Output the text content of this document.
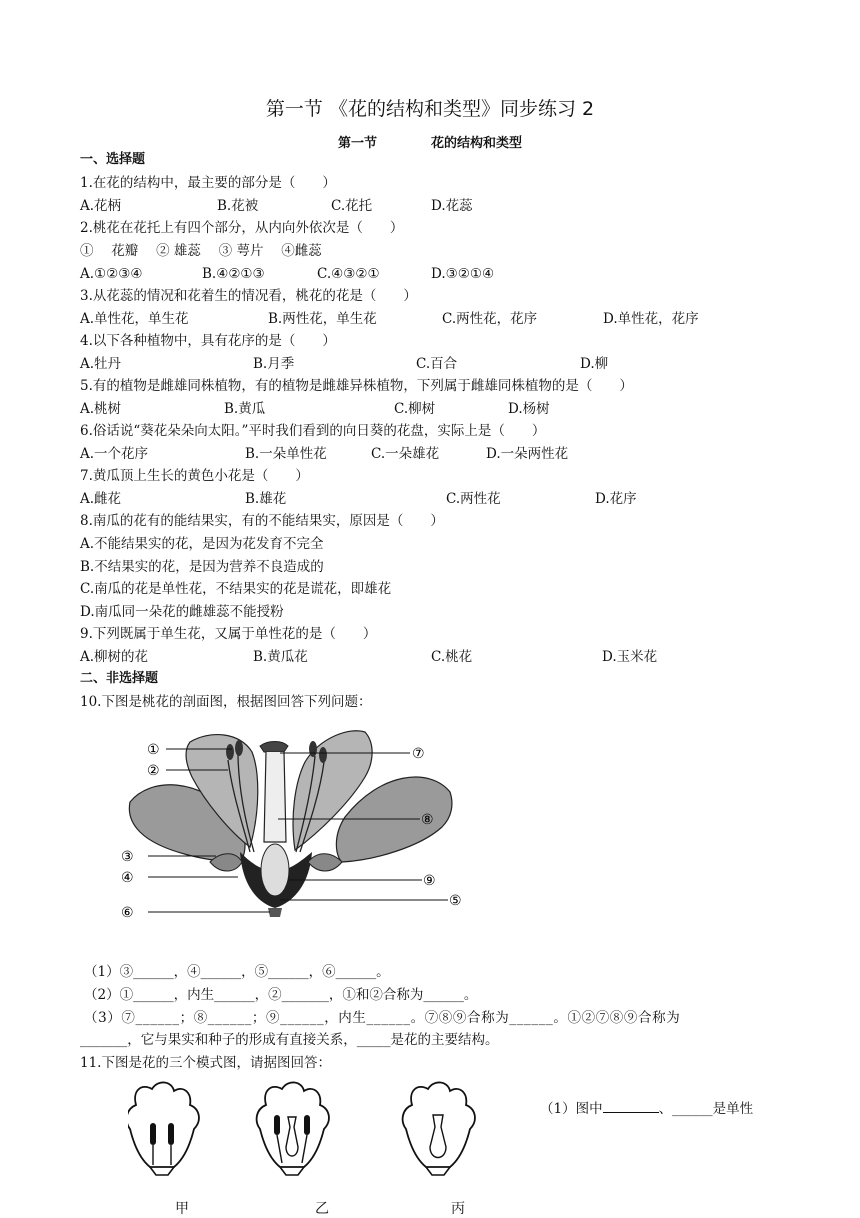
第一节 《花的结构和类型》同步练习 2
第一节	花的结构和类型
一、选择题
1.在花的结构中，最主要的部分是（　　）
A.花柄	B.花被	C.花托	D.花蕊
2.桃花在花托上有四个部分，从内向外依次是（　　）
①　 花瓣　 ② 雄蕊　 ③ 萼片　 ④雌蕊
A.①②③④	B.④②①③	C.④③②①	D.③②①④
3.从花蕊的情况和花着生的情况看，桃花的花是（　　）
A.单性花，单生花	B.两性花，单生花	C.两性花，花序	D.单性花，花序
4.以下各种植物中，具有花序的是（　　）
A.牡丹	B.月季	C.百合	D.柳
5.有的植物是雌雄同株植物，有的植物是雌雄异株植物，下列属于雌雄同株植物的是（　　）
A.桃树	B.黄瓜	C.柳树	D.杨树
6.俗话说“葵花朵朵向太阳。”平时我们看到的向日葵的花盘，实际上是（　　）
A.一个花序	B.一朵单性花	C.一朵雄花	D.一朵两性花
7.黄瓜顶上生长的黄色小花是（　　）
A.雌花	B.雄花	C.两性花	D.花序
8.南瓜的花有的能结果实，有的不能结果实，原因是（　　）
A.不能结果实的花，是因为花发育不完全
B.不结果实的花，是因为营养不良造成的
C.南瓜的花是单性花，不结果实的花是谎花，即雄花
D.南瓜同一朵花的雌雄蕊不能授粉
9.下列既属于单生花，又属于单性花的是（　　）
A.柳树的花	B.黄瓜花	C.桃花	D.玉米花
二、非选择题
10.下图是桃花的剖面图，根据图回答下列问题：
①
②
③
④
⑤
⑥
⑦
⑧
⑨
（1）③______，④______，⑤______，⑥______。
（2）①______，内生______，②_______，①和②合称为______。
（3）⑦______；⑧______；⑨______，内生______。⑦⑧⑨合称为______。①②⑦⑧⑨合称为
_______，它与果实和种子的形成有直接关系，_____是花的主要结构。
11.下图是花的三个模式图，请据图回答：
甲	乙	丙
（1）图中	、______是单性
